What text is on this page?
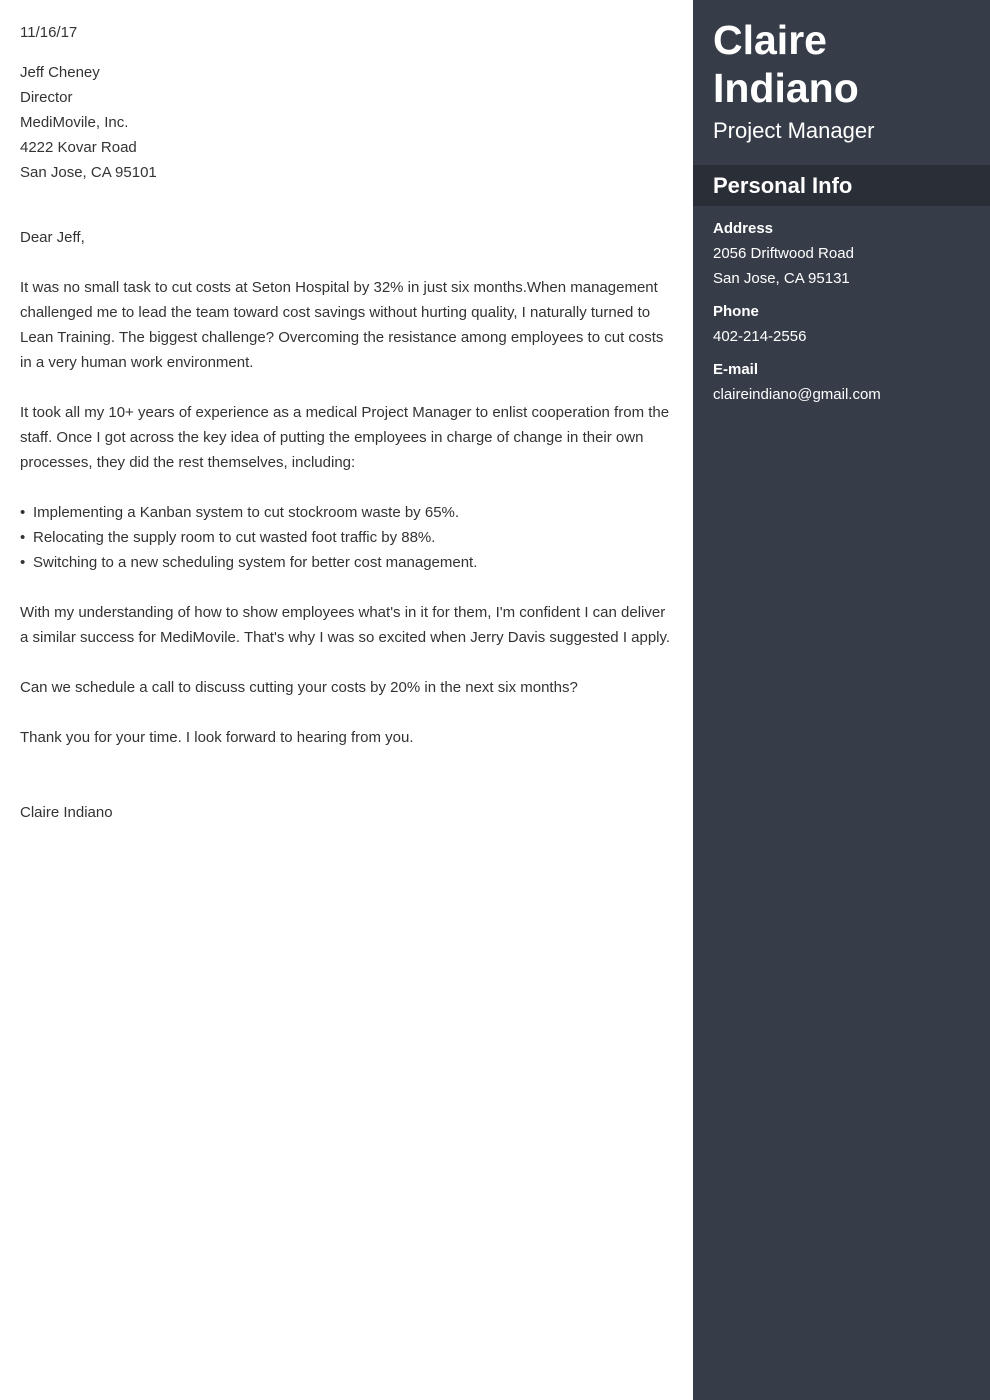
11/16/17
Jeff Cheney
Director
MediMovile, Inc.
4222 Kovar Road
San Jose, CA 95101

Dear Jeff,

It was no small task to cut costs at Seton Hospital by 32% in just six months.When management challenged me to lead the team toward cost savings without hurting quality, I naturally turned to Lean Training. The biggest challenge? Overcoming the resistance among employees to cut costs in a very human work environment.

It took all my 10+ years of experience as a medical Project Manager to enlist cooperation from the staff. Once I got across the key idea of putting the employees in charge of change in their own processes, they did the rest themselves, including:

• Implementing a Kanban system to cut stockroom waste by 65%.
• Relocating the supply room to cut wasted foot traffic by 88%.
• Switching to a new scheduling system for better cost management.

With my understanding of how to show employees what's in it for them, I'm confident I can deliver a similar success for MediMovile. That's why I was so excited when Jerry Davis suggested I apply.

Can we schedule a call to discuss cutting your costs by 20% in the next six months?

Thank you for your time. I look forward to hearing from you.

Claire Indiano

Claire
Indiano
Project Manager
Personal Info
Address
2056 Driftwood Road
San Jose, CA 95131
Phone
402-214-2556
E-mail
claireindiano@gmail.com
